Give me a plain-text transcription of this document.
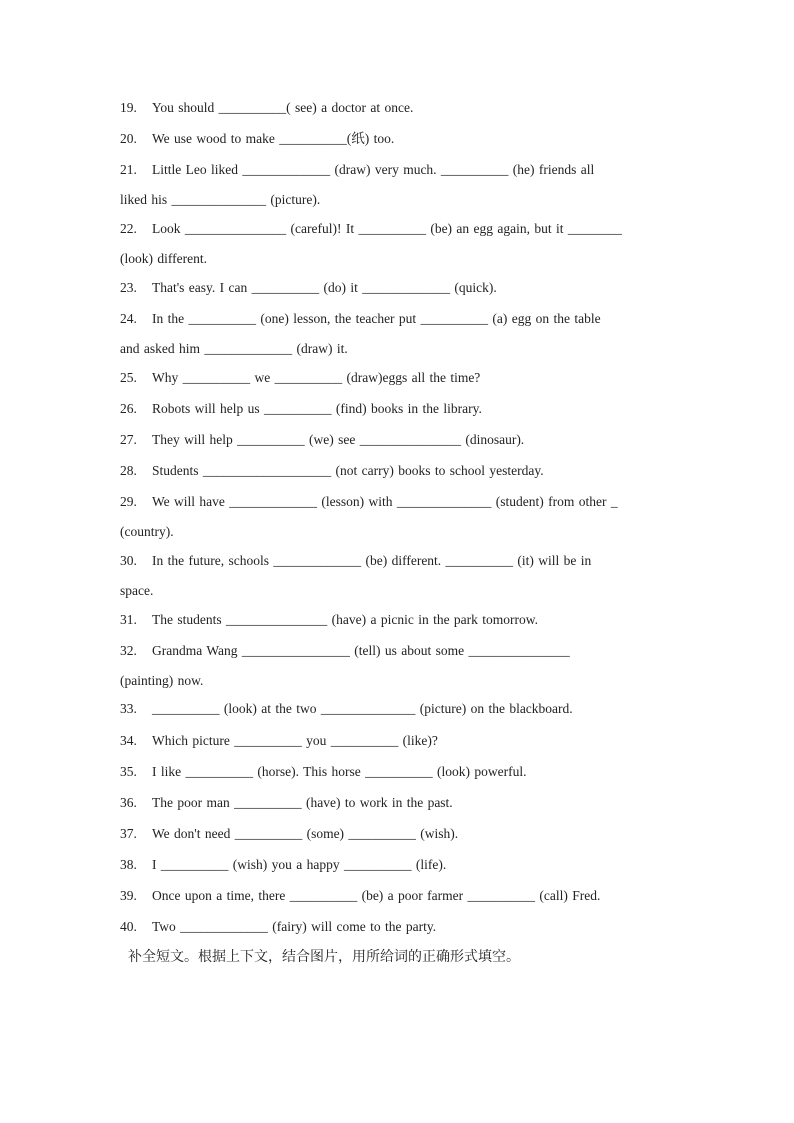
19. You should __________( see) a doctor at once.
20. We use wood to make __________(纸) too.
21. Little Leo liked _____________ (draw) very much. __________ (he) friends all
liked his ______________ (picture).
22. Look _______________ (careful)! It __________ (be) an egg again, but it ________
(look) different.
23. That's easy. I can __________ (do) it _____________ (quick).
24. In the __________ (one) lesson, the teacher put __________ (a) egg on the table
and asked him _____________ (draw) it.
25. Why __________ we __________ (draw)eggs all the time?
26. Robots will help us __________ (find) books in the library.
27. They will help __________ (we) see _______________ (dinosaur).
28. Students ___________________ (not carry) books to school yesterday.
29. We will have _____________ (lesson) with ______________ (student) from other _
(country).
30. In the future, schools _____________ (be) different. __________ (it) will be in
space.
31. The students _______________ (have) a picnic in the park tomorrow.
32. Grandma Wang ________________ (tell) us about some _______________
(painting) now.
33. __________ (look) at the two ______________ (picture) on the blackboard.
34. Which picture __________ you __________ (like)?
35. I like __________ (horse). This horse __________ (look) powerful.
36. The poor man __________ (have) to work in the past.
37. We don't need __________ (some) __________ (wish).
38. I __________ (wish) you a happy __________ (life).
39. Once upon a time, there __________ (be) a poor farmer __________ (call) Fred.
40. Two _____________ (fairy) will come to the party.
补全短文。根据上下文，结合图片，用所给词的正确形式填空。
